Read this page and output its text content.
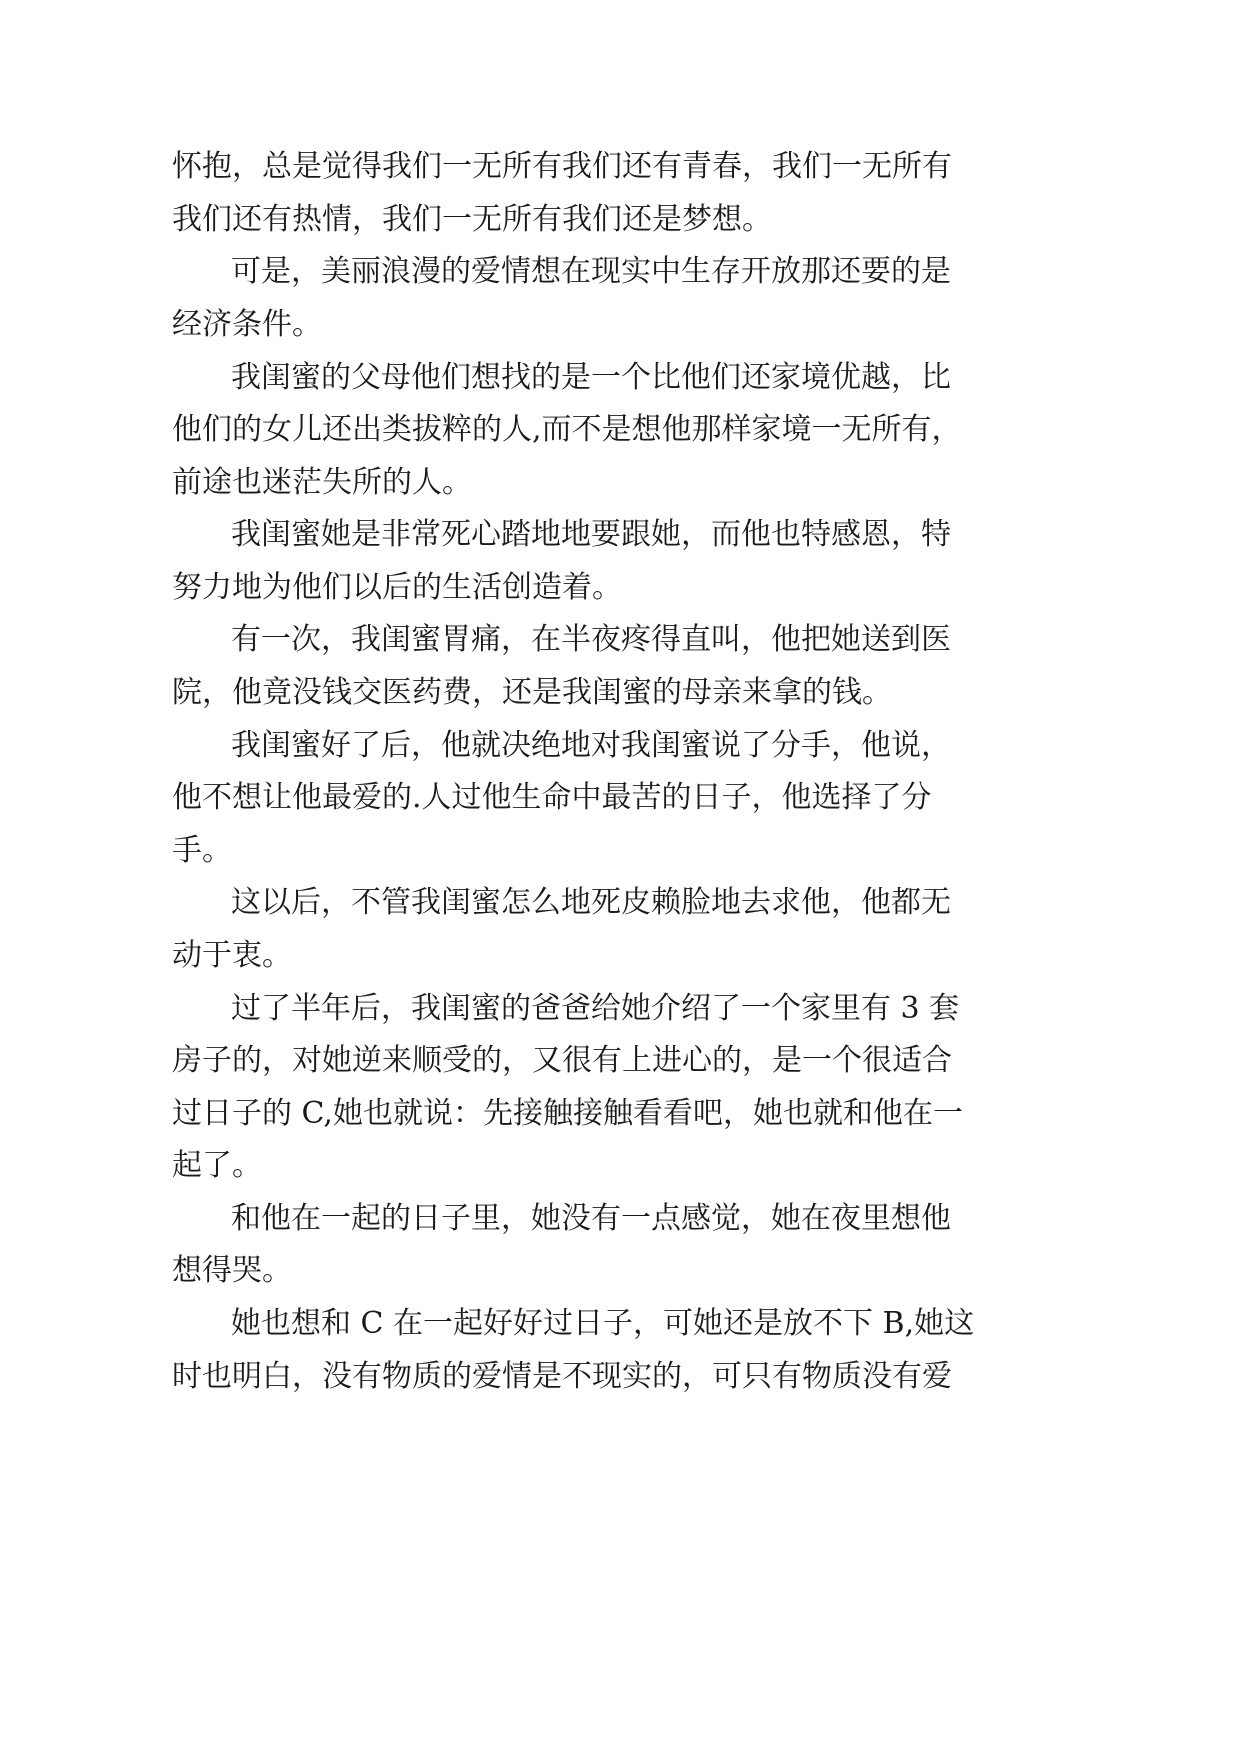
怀抱，总是觉得我们一无所有我们还有青春，我们一无所有
我们还有热情，我们一无所有我们还是梦想。
可是，美丽浪漫的爱情想在现实中生存开放那还要的是
经济条件。
我闺蜜的父母他们想找的是一个比他们还家境优越，比
他们的女儿还出类拔粹的人,而不是想他那样家境一无所有，
前途也迷茫失所的人。
我闺蜜她是非常死心踏地地要跟她，而他也特感恩，特
努力地为他们以后的生活创造着。
有一次，我闺蜜胃痛，在半夜疼得直叫，他把她送到医
院，他竟没钱交医药费，还是我闺蜜的母亲来拿的钱。
我闺蜜好了后，他就决绝地对我闺蜜说了分手，他说，
他不想让他最爱的.人过他生命中最苦的日子，他选择了分
手。
这以后，不管我闺蜜怎么地死皮赖脸地去求他，他都无
动于衷。
过了半年后，我闺蜜的爸爸给她介绍了一个家里有 3 套
房子的，对她逆来顺受的，又很有上进心的，是一个很适合
过日子的 C,她也就说：先接触接触看看吧，她也就和他在一
起了。
和他在一起的日子里，她没有一点感觉，她在夜里想他
想得哭。
她也想和 C 在一起好好过日子，可她还是放不下 B,她这
时也明白，没有物质的爱情是不现实的，可只有物质没有爱
